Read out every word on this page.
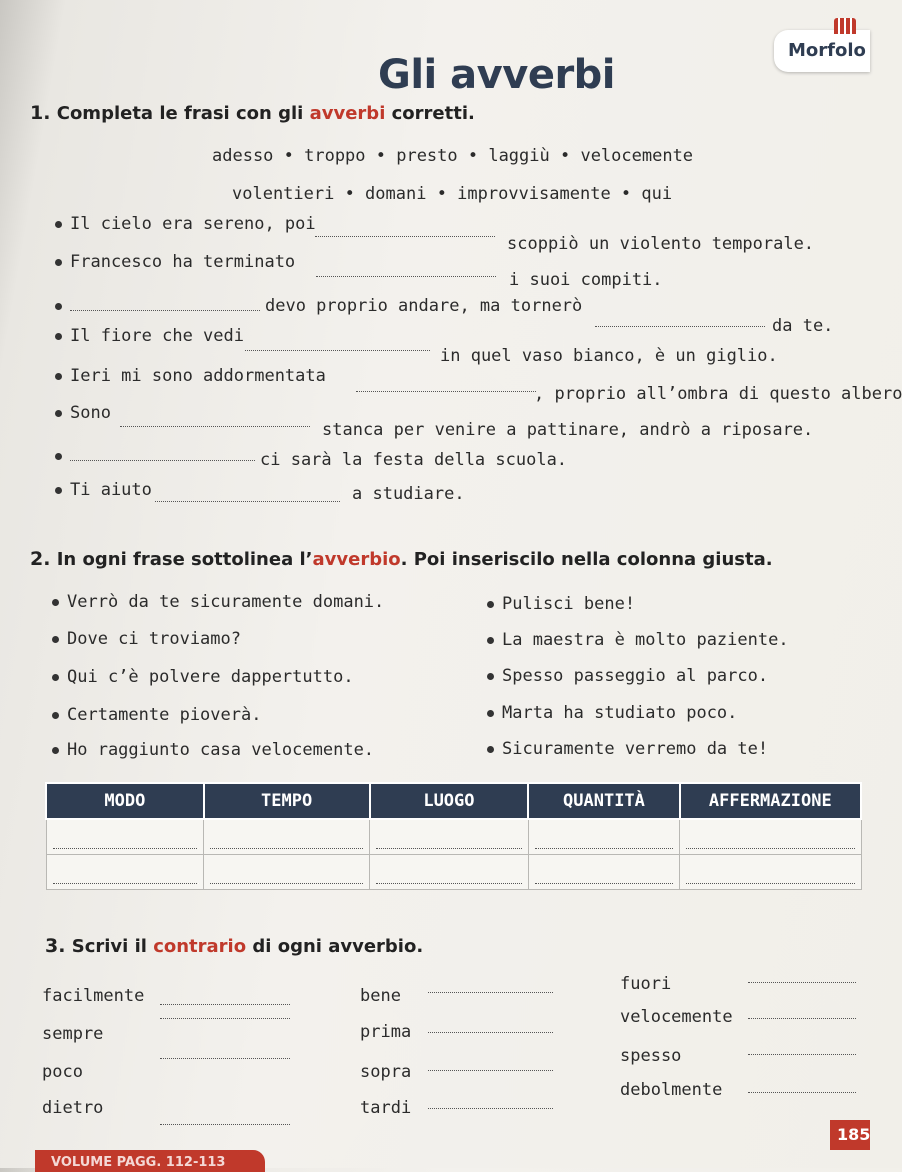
Morfolo
Gli avverbi
1. Completa le frasi con gli avverbi corretti.
adesso • troppo • presto • laggiù • velocemente
volentieri • domani • improvvisamente • qui
Il cielo era sereno, poi
scoppiò un violento temporale.
Francesco ha terminato
i suoi compiti.
devo proprio andare, ma tornerò
da te.
Il fiore che vedi
in quel vaso bianco, è un giglio.
Ieri mi sono addormentata
, proprio all’ombra di questo albero
Sono
stanca per venire a pattinare, andrò a riposare.
ci sarà la festa della scuola.
Ti aiuto	a studiare.
2. In ogni frase sottolinea l’avverbio. Poi inseriscilo nella colonna giusta.
Verrò da te sicuramente domani.
Dove ci troviamo?
Qui c’è polvere dappertutto.
Certamente pioverà.
Ho raggiunto casa velocemente.
Pulisci bene!
La maestra è molto paziente.
Spesso passeggio al parco.
Marta ha studiato poco.
Sicuramente verremo da te!
MODO	TEMPO	LUOGO	QUANTITÀ	AFFERMAZIONE

3. Scrivi il contrario di ogni avverbio.
facilmente
sempre
poco
dietro
bene
prima
sopra
tardi
fuori
velocemente
spesso
debolmente
185
VOLUME PAGG. 112-113
